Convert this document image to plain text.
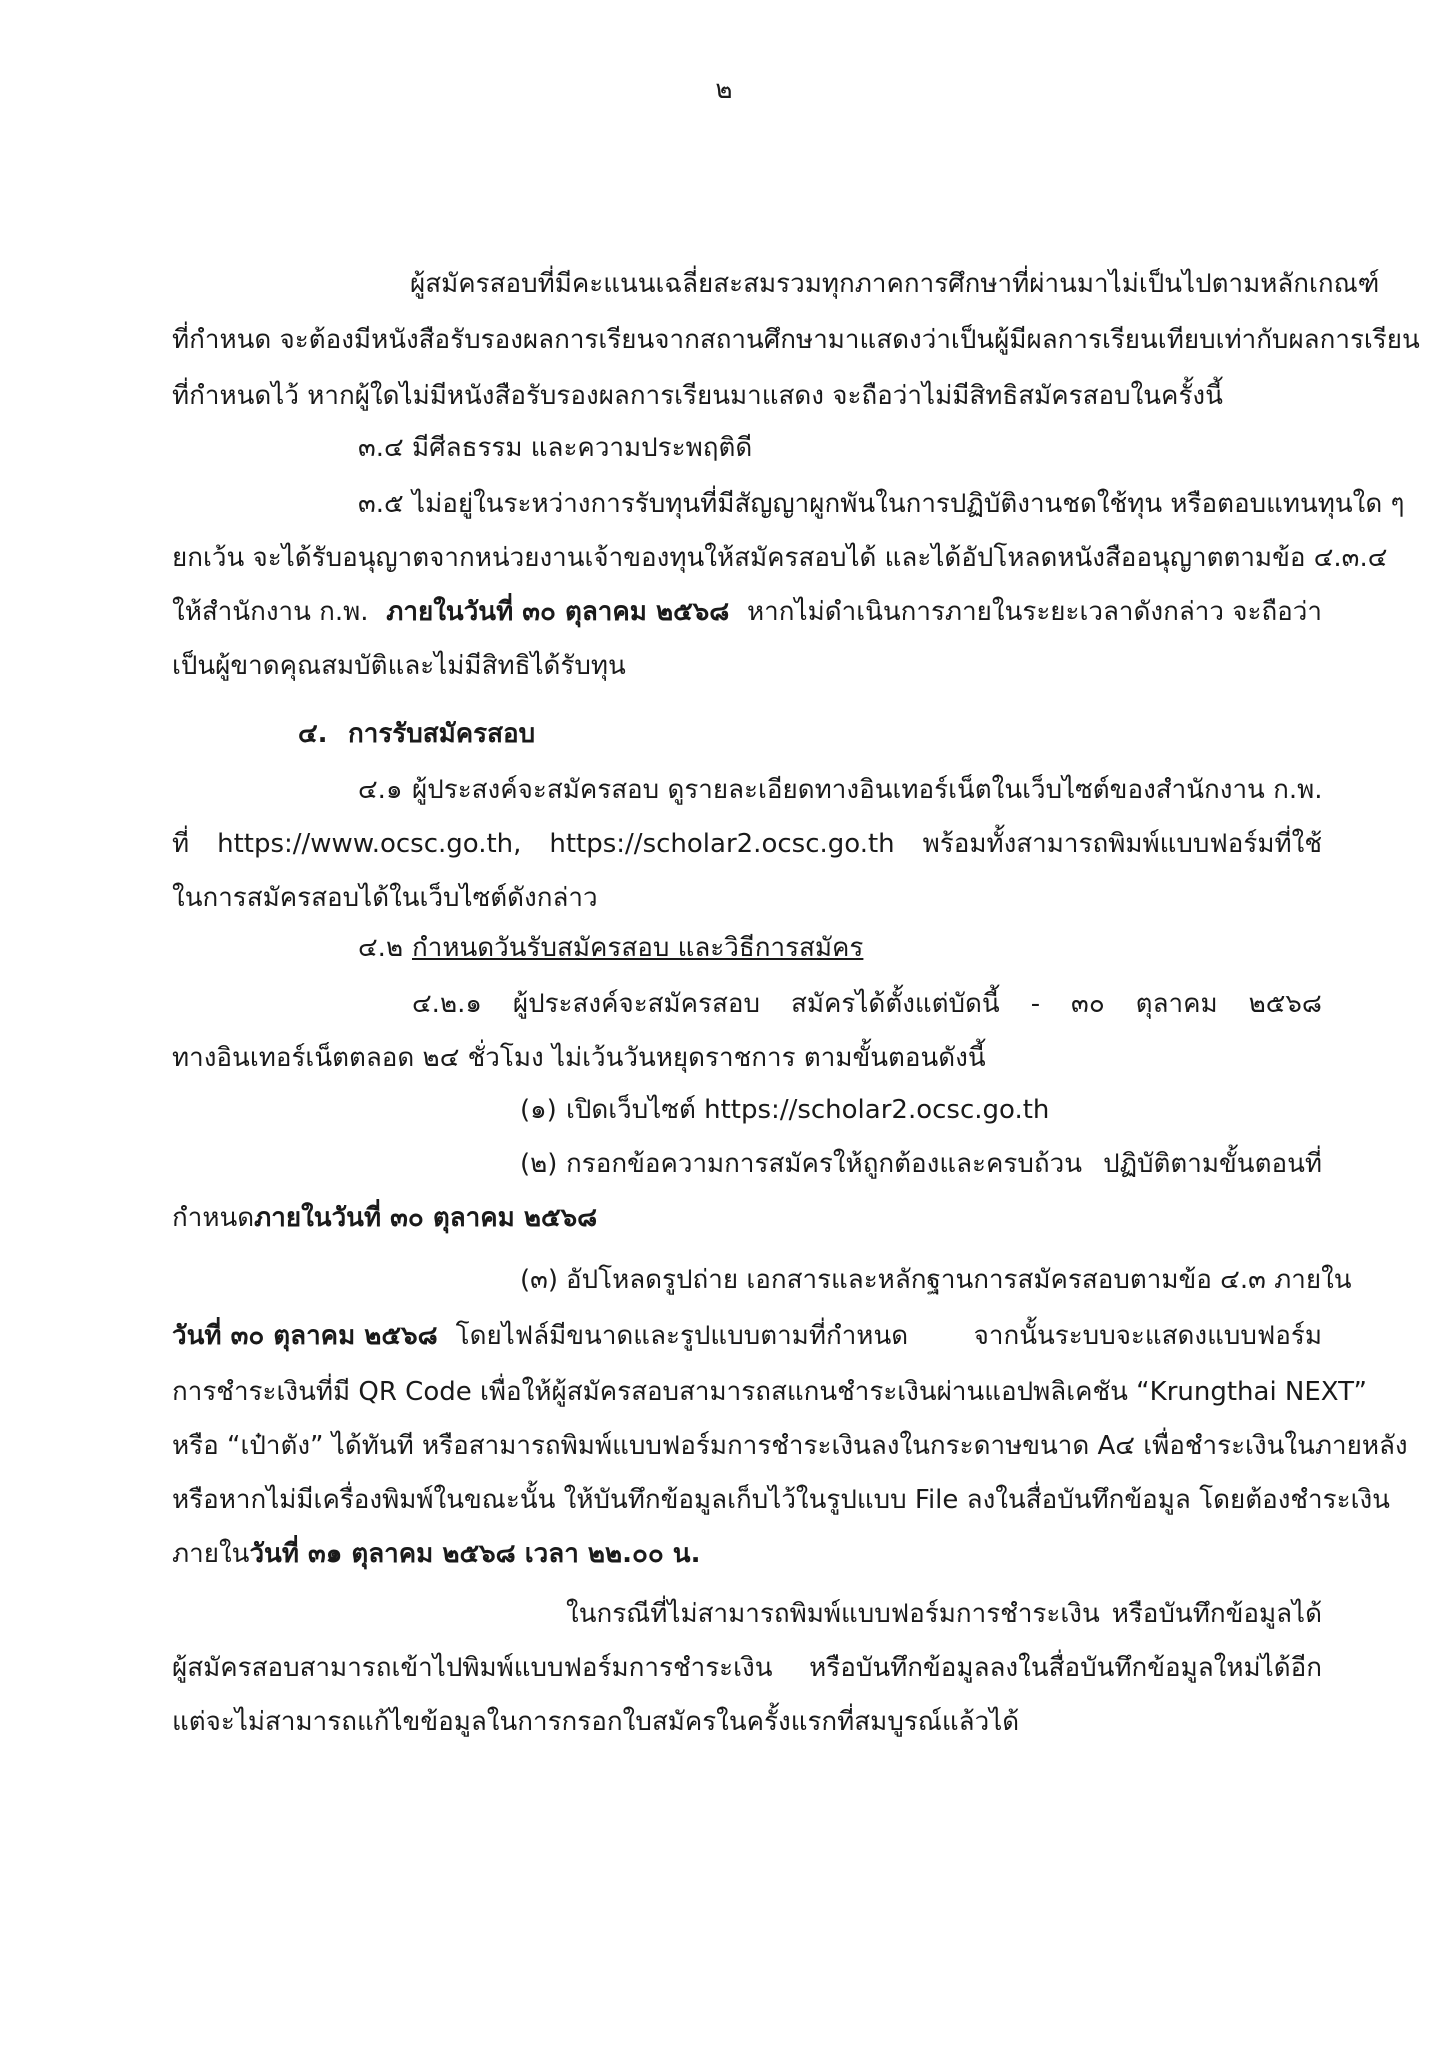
๒
ผู้สมัครสอบที่มีคะแนนเฉลี่ยสะสมรวมทุกภาคการศึกษาที่ผ่านมาไม่เป็นไปตามหลักเกณฑ์
ที่กำหนด จะต้องมีหนังสือรับรองผลการเรียนจากสถานศึกษามาแสดงว่าเป็นผู้มีผลการเรียนเทียบเท่ากับผลการเรียน
ที่กำหนดไว้ หากผู้ใดไม่มีหนังสือรับรองผลการเรียนมาแสดง จะถือว่าไม่มีสิทธิสมัครสอบในครั้งนี้
๓.๔ มีศีลธรรม และความประพฤติดี
๓.๕ ไม่อยู่ในระหว่างการรับทุนที่มีสัญญาผูกพันในการปฏิบัติงานชดใช้ทุน หรือตอบแทนทุนใด ๆ
ยกเว้น จะได้รับอนุญาตจากหน่วยงานเจ้าของทุนให้สมัครสอบได้ และได้อัปโหลดหนังสืออนุญาตตามข้อ ๔.๓.๔
ให้สำนักงาน ก.พ. ภายในวันที่ ๓๐ ตุลาคม ๒๕๖๘ หากไม่ดำเนินการภายในระยะเวลาดังกล่าว จะถือว่า
เป็นผู้ขาดคุณสมบัติและไม่มีสิทธิได้รับทุน
๔. การรับสมัครสอบ
๔.๑ ผู้ประสงค์จะสมัครสอบ ดูรายละเอียดทางอินเทอร์เน็ตในเว็บไซต์ของสำนักงาน ก.พ.
ที่ https://www.ocsc.go.th, https://scholar2.ocsc.go.th พร้อมทั้งสามารถพิมพ์แบบฟอร์มที่ใช้
ในการสมัครสอบได้ในเว็บไซต์ดังกล่าว
๔.๒ กำหนดวันรับสมัครสอบ และวิธีการสมัคร
๔.๒.๑ ผู้ประสงค์จะสมัครสอบ สมัครได้ตั้งแต่บัดนี้ - ๓๐ ตุลาคม ๒๕๖๘
ทางอินเทอร์เน็ตตลอด ๒๔ ชั่วโมง ไม่เว้นวันหยุดราชการ ตามขั้นตอนดังนี้
(๑) เปิดเว็บไซต์ https://scholar2.ocsc.go.th
(๒) กรอกข้อความการสมัครให้ถูกต้องและครบถ้วน ปฏิบัติตามขั้นตอนที่
กำหนดภายในวันที่ ๓๐ ตุลาคม ๒๕๖๘
(๓) อัปโหลดรูปถ่าย เอกสารและหลักฐานการสมัครสอบตามข้อ ๔.๓ ภายใน
วันที่ ๓๐ ตุลาคม ๒๕๖๘ โดยไฟล์มีขนาดและรูปแบบตามที่กำหนด จากนั้นระบบจะแสดงแบบฟอร์ม
การชำระเงินที่มี QR Code เพื่อให้ผู้สมัครสอบสามารถสแกนชำระเงินผ่านแอปพลิเคชัน “Krungthai NEXT”
หรือ “เป๋าตัง” ได้ทันที หรือสามารถพิมพ์แบบฟอร์มการชำระเงินลงในกระดาษขนาด A๔ เพื่อชำระเงินในภายหลัง
หรือหากไม่มีเครื่องพิมพ์ในขณะนั้น ให้บันทึกข้อมูลเก็บไว้ในรูปแบบ File ลงในสื่อบันทึกข้อมูล โดยต้องชำระเงิน
ภายในวันที่ ๓๑ ตุลาคม ๒๕๖๘ เวลา ๒๒.๐๐ น.
ในกรณีที่ไม่สามารถพิมพ์แบบฟอร์มการชำระเงิน หรือบันทึกข้อมูลได้
ผู้สมัครสอบสามารถเข้าไปพิมพ์แบบฟอร์มการชำระเงิน หรือบันทึกข้อมูลลงในสื่อบันทึกข้อมูลใหม่ได้อีก
แต่จะไม่สามารถแก้ไขข้อมูลในการกรอกใบสมัครในครั้งแรกที่สมบูรณ์แล้วได้
